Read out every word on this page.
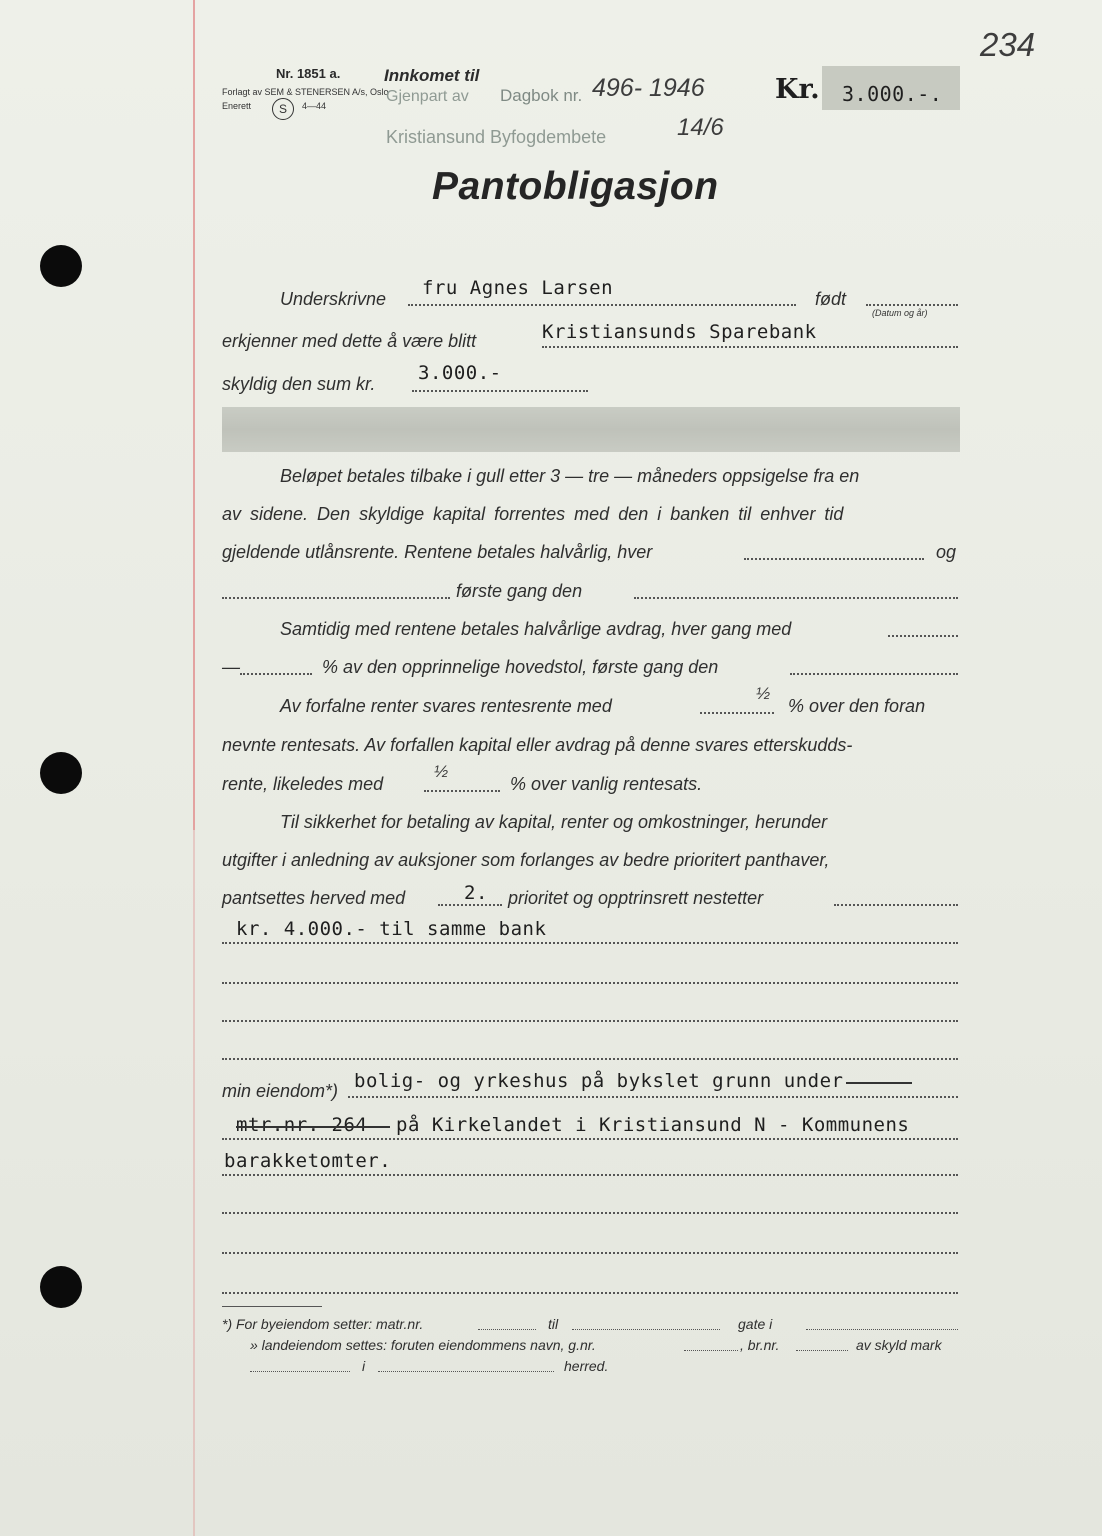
Nr. 1851 a.
Forlagt av SEM & STENERSEN A/s, Oslo
Enerett	S	4—44
Innkomet til
Gjenpart av
Kristiansund Byfogdembete	14/6
Dagbok nr. 496- 1946	Kr. 3.000.-.
234
Pantobligasjon
Underskrivne fru Agnes Larsen	født
(Datum og år)
erkjenner med dette å være blitt	Kristiansunds Sparebank
skyldig den sum kr. 3.000.-
Beløpet betales tilbake i gull etter 3 — tre — måneders oppsigelse fra en
av sidene. Den skyldige kapital forrentes med den i banken til enhver tid
gjeldende utlånsrente. Rentene betales halvårlig, hver	og
første gang den
Samtidig med rentene betales halvårlige avdrag, hver gang med
—	% av den opprinnelige hovedstol, første gang den
Av forfalne renter svares rentesrente med
½
% over den foran
nevnte rentesats. Av forfallen kapital eller avdrag på denne svares etterskudds-
rente, likeledes med
½
% over vanlig rentesats.
Til sikkerhet for betaling av kapital, renter og omkostninger, herunder
utgifter i anledning av auksjoner som forlanges av bedre prioritert panthaver,
pantsettes herved med	2. prioritet og opptrinsrett nestetter
kr. 4.000.- til samme bank
min eiendom*) bolig- og yrkeshus på bykslet grunn under
mtr.nr. 264 på Kirkelandet i Kristiansund N - Kommunens
barakketomter.
*) For byeiendom setter: matr.nr.	til	gate i
» landeiendom settes: foruten eiendommens navn, g.nr.	, br.nr.	av skyld mark
i	herred.
